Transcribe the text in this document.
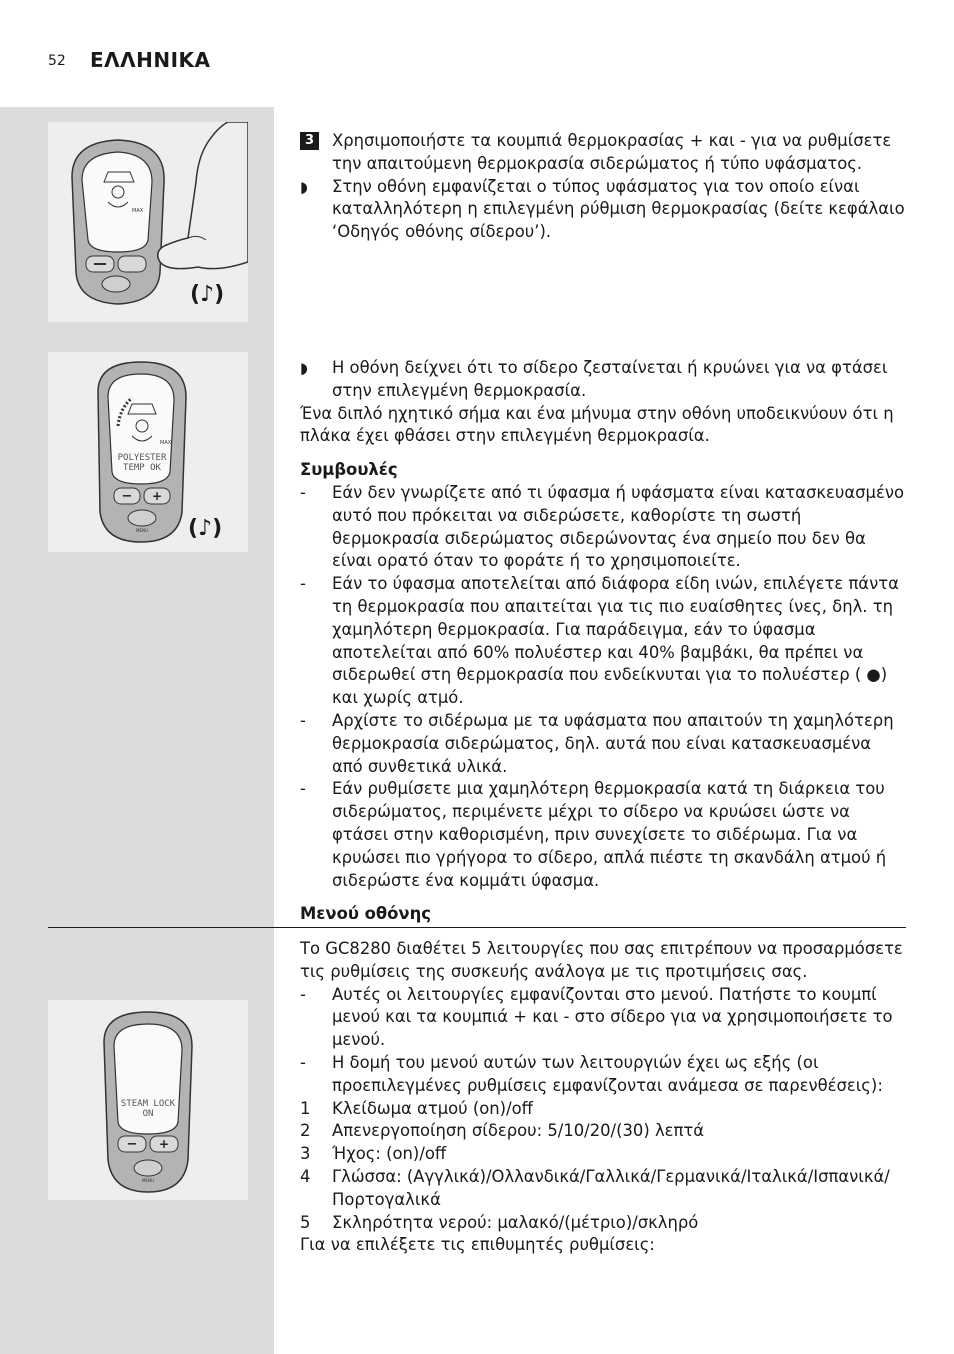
52 ΕΛΛΗΝΙΚΑ
MAX
(♪)
MAX
POLYESTER
TEMP OK
− +
MENU (♪)
STEAM LOCK
ON
− +
MENU
3	Χρησιμοποιήστε τα κουμπιά θερμοκρασίας + και - για να ρυθμίσετε την απαιτούμενη θερμοκρασία σιδερώματος ή τύπο υφάσματος.
◗ Στην οθόνη εμφανίζεται ο τύπος υφάσματος για τον οποίο είναι καταλληλότερη η επιλεγμένη ρύθμιση θερμοκρασίας (δείτε κεφάλαιο ‘Οδηγός οθόνης σίδερου’).
◗ Η οθόνη δείχνει ότι το σίδερο ζεσταίνεται ή κρυώνει για να φτάσει στην επιλεγμένη θερμοκρασία.
Ένα διπλό ηχητικό σήμα και ένα μήνυμα στην οθόνη υποδεικνύουν ότι η πλάκα έχει φθάσει στην επιλεγμένη θερμοκρασία.
Συμβουλές
- Εάν δεν γνωρίζετε από τι ύφασμα ή υφάσματα είναι κατασκευασμένο αυτό που πρόκειται να σιδερώσετε, καθορίστε τη σωστή θερμοκρασία σιδερώματος σιδερώνοντας ένα σημείο που δεν θα είναι ορατό όταν το φοράτε ή το χρησιμοποιείτε.
- Εάν το ύφασμα αποτελείται από διάφορα είδη ινών, επιλέγετε πάντα τη θερμοκρασία που απαιτείται για τις πιο ευαίσθητες ίνες, δηλ. τη χαμηλότερη θερμοκρασία. Για παράδειγμα, εάν το ύφασμα αποτελείται από 60% πολυέστερ και 40% βαμβάκι, θα πρέπει να σιδερωθεί στη θερμοκρασία που ενδείκνυται για το πολυέστερ ( ●) και χωρίς ατμό.
- Αρχίστε το σιδέρωμα με τα υφάσματα που απαιτούν τη χαμηλότερη θερμοκρασία σιδερώματος, δηλ. αυτά που είναι κατασκευασμένα από συνθετικά υλικά.
- Εάν ρυθμίσετε μια χαμηλότερη θερμοκρασία κατά τη διάρκεια του σιδερώματος, περιμένετε μέχρι το σίδερο να κρυώσει ώστε να φτάσει στην καθορισμένη, πριν συνεχίσετε το σιδέρωμα. Για να κρυώσει πιο γρήγορα το σίδερο, απλά πιέστε τη σκανδάλη ατμού ή σιδερώστε ένα κομμάτι ύφασμα.
Μενού οθόνης
Το GC8280 διαθέτει 5 λειτουργίες που σας επιτρέπουν να προσαρμόσετε τις ρυθμίσεις της συσκευής ανάλογα με τις προτιμήσεις σας.
- Αυτές οι λειτουργίες εμφανίζονται στο μενού. Πατήστε το κουμπί μενού και τα κουμπιά + και - στο σίδερο για να χρησιμοποιήσετε το μενού.
- Η δομή του μενού αυτών των λειτουργιών έχει ως εξής (οι προεπιλεγμένες ρυθμίσεις εμφανίζονται ανάμεσα σε παρενθέσεις):
1 Κλείδωμα ατμού (on)/off
2 Απενεργοποίηση σίδερου: 5/10/20/(30) λεπτά
3 Ήχος: (on)/off
4 Γλώσσα: (Αγγλικά)/Ολλανδικά/Γαλλικά/Γερμανικά/Ιταλικά/Ισπανικά/Πορτογαλικά
5 Σκληρότητα νερού: μαλακό/(μέτριο)/σκληρό
Για να επιλέξετε τις επιθυμητές ρυθμίσεις:
